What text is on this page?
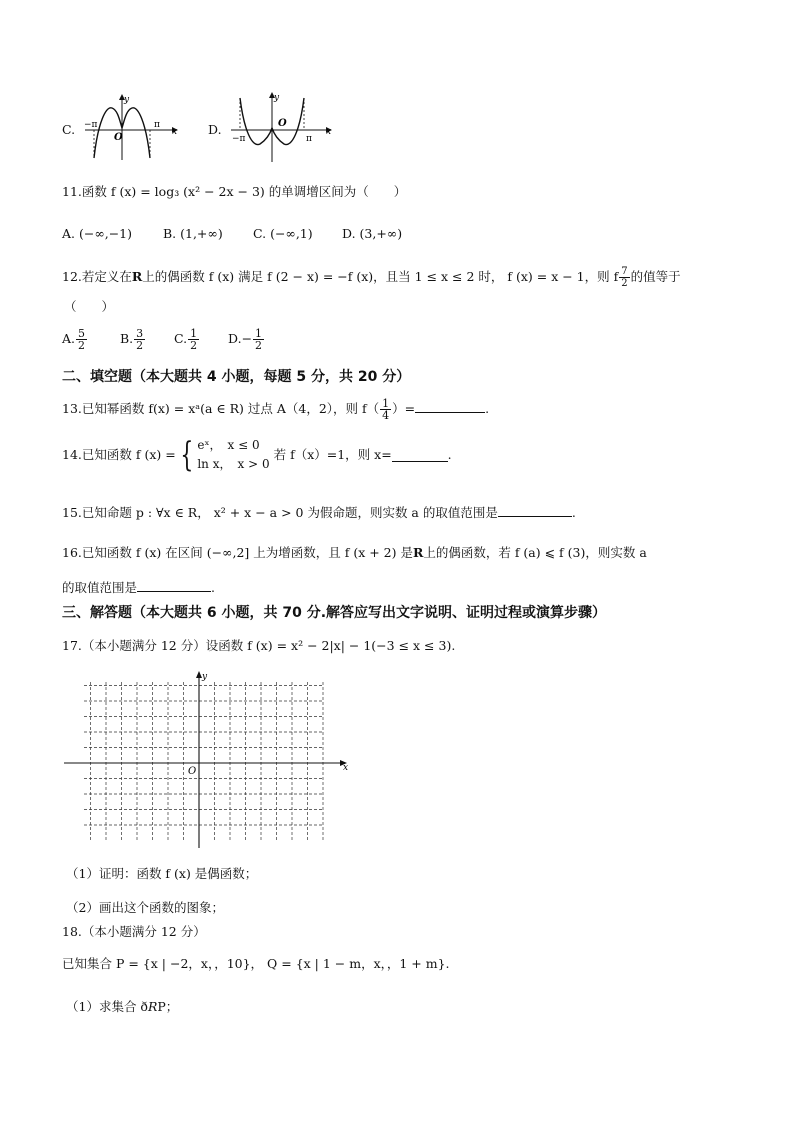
C.
y
x
O
−π	π	D.
y
x
O
−π	π
11.函数 f (x) = log₃ (x² − 2x − 3) 的单调增区间为（　　）
A. (−∞,−1) B. (1,+∞) C. (−∞,1) D. (3,+∞)
12.若定义在R上的偶函数 f (x) 满足 f (2 − x) = −f (x)，且当 1 ≤ x ≤ 2 时， f (x) = x − 1，则 f $\frac{7}{2}$ 的值等于
（　　）
A. $\frac{5}{2}$	B. $\frac{3}{2} C$. $\frac{1}{2} D.- \frac{1}{2}$
二、填空题（本大题共 4 小题，每题 5 分，共 20 分）
13.已知幂函数 f(x) = xᵃ(a ∈ R) 过点 A（4，2），则 $f( \frac{1}{4}$ ）=	.
14.已知函数 f (x) = { eˣ，　x ≤ 0
ln x，　x > 0
若 f（x）=1，则 x=	.
15.已知命题 p : ∀x ∈ R， x² + x − a > 0 为假命题，则实数 a 的取值范围是	.
16.已知函数 f (x) 在区间 (−∞,2] 上为增函数，且 f (x + 2) 是R上的偶函数，若 f (a) ⩽ f (3)，则实数 a
的取值范围是	.
三、解答题（本大题共 6 小题，共 70 分.解答应写出文字说明、证明过程或演算步骤）
17.（本小题满分 12 分）设函数 f (x) = x² − 2|x| − 1(−3 ≤ x ≤ 3).
y
x
O
（1）证明：函数 f (x) 是偶函数；
（2）画出这个函数的图象；
18.（本小题满分 12 分）
已知集合 P = {x | −2，x，，10}， Q = {x | 1 − m，x，，1 + m}.
（1）求集合 ð𝑅P；
